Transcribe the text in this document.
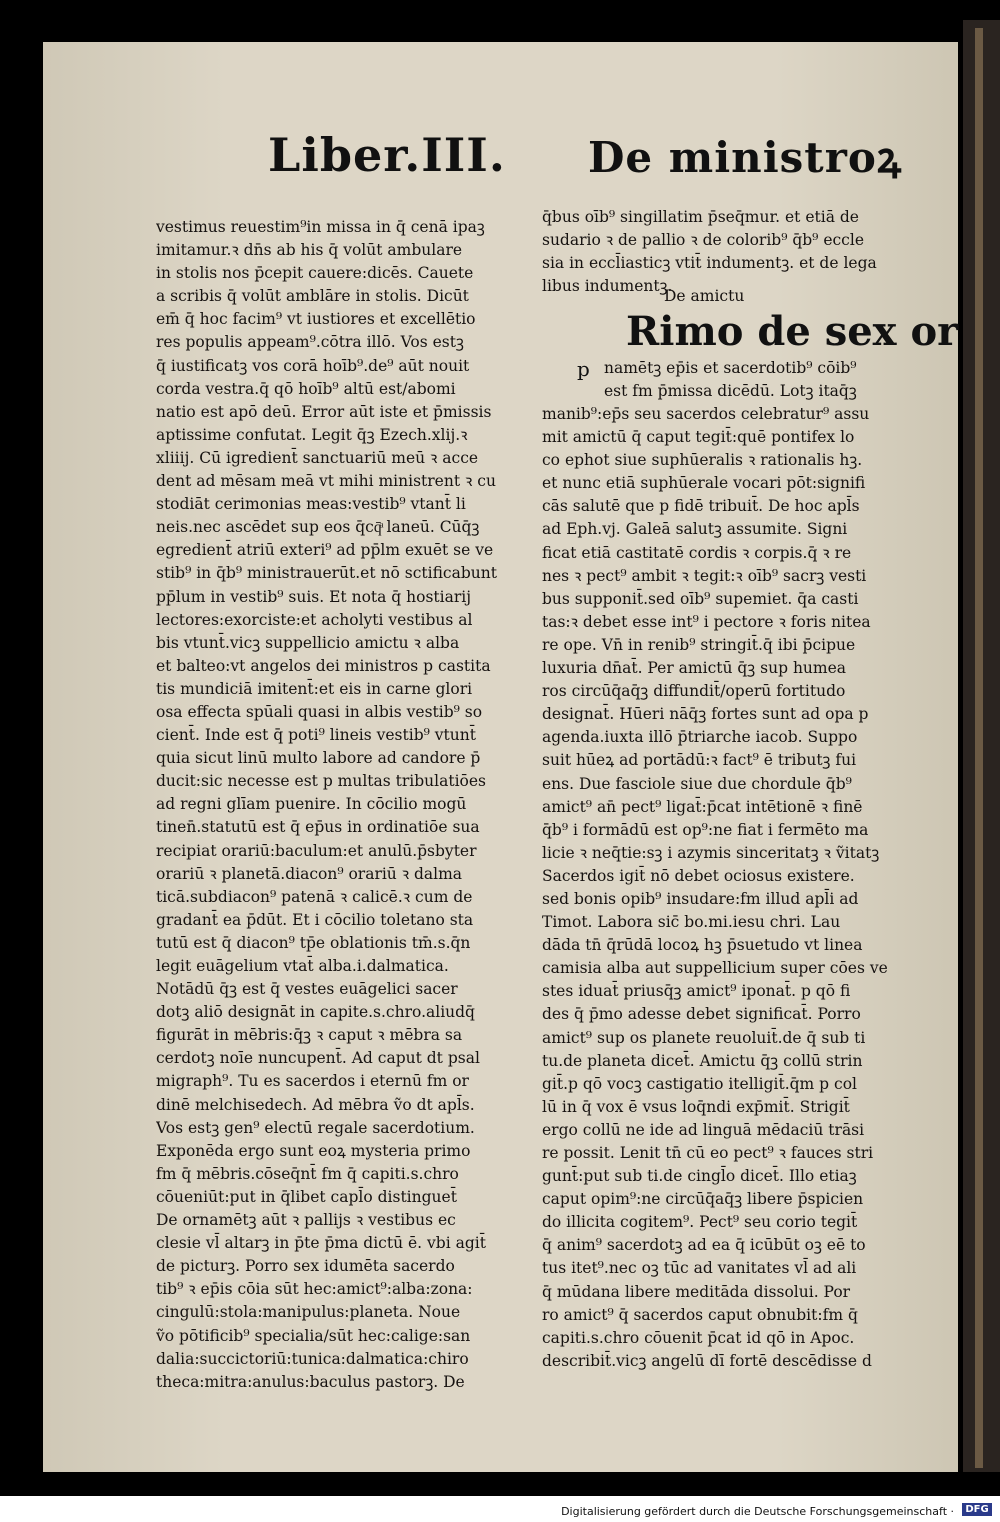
Liber.III. De ministroꝝ
vestimus reuestim⁹in missa in q̄ cenā ipaꝫ
imitamur.ꝛ dn̄s ab his q̄ volūt ambulare
in stolis nos p̄cepit cauere:dicēs. Cauete
a scribis q̄ volūt amblāre in stolis. Dicūt
em̄ q̄ hoc facim⁹ vt iustiores et excellētio
res populis appeam⁹.cōtra illō. Vos estꝫ
q̄ iustificatꝫ vos corā hoīb⁹.de⁹ aūt nouit
corda vestra.q̄ qō hoīb⁹ altū est/abomi
natio est apō deū. Error aūt iste et p̄missis
aptissime confutat. Legit q̄ꝫ Ezech.xlij.ꝛ
xliiij. Cū igredient̄ sanctuariū meū ꝛ acce
dent ad mēsam meā vt mihi ministrent ꝛ cu
stodiāt cerimonias meas:vestib⁹ vtant̄ li
neis.nec ascēdet sup eos q̄cq̄ͣ laneū. Cūq̄ꝫ
egredient̄ atriū exteri⁹ ad pp̄lm exuēt se ve
stib⁹ in q̄b⁹ ministrauerūt.et nō sctificabunt
pp̄lum in vestib⁹ suis. Et nota q̄ hostiarij
lectores:exorciste:et acholyti vestibus al
bis vtunt̄.vicꝫ suppellicio amictu ꝛ alba
et balteo:vt angelos dei ministros p castita
tis mundiciā imitent̄:et eis in carne glori
osa effecta spūali quasi in albis vestib⁹ so
cient̄. Inde est q̄ poti⁹ lineis vestib⁹ vtunt̄
quia sicut linū multo labore ad candore p̄
ducit:sic necesse est p multas tribulatiōes
ad regni glīam puenire. In cōcilio mogū
tinen̄.statutū est q̄ ep̄us in ordinatiōe sua
recipiat orariū:baculum:et anulū.p̄sbyter
orariū ꝛ planetā.diacon⁹ orariū ꝛ dalma
ticā.subdiacon⁹ patenā ꝛ calicē.ꝛ cum de
gradant̄ ea p̄dūt. Et i cōcilio toletano sta
tutū est q̄ diacon⁹ tp̄e oblationis tm̄.s.q̄n
legit euāgelium vtat̄ alba.i.dalmatica.
Notādū q̄ꝫ est q̄ vestes euāgelici sacer
dotꝫ aliō designāt in capite.s.chro.aliudq̄
figurāt in mēbris:q̄ꝫ ꝛ caput ꝛ mēbra sa
cerdotꝫ noīe nuncupent̄. Ad caput dt psal
migraph⁹. Tu es sacerdos i eternū fm or
dinē melchisedech. Ad mēbra ṽo dt apl̄s.
Vos estꝫ gen⁹ electū regale sacerdotium.
Exponēda ergo sunt eoꝝ mysteria primo
fm q̄ mēbris.cōseq̄nt̄ fm q̄ capiti.s.chro
cōueniūt:put in q̄libet capl̄o distinguet̄
De ornamētꝫ aūt ꝛ pallijs ꝛ vestibus ec
clesie vl̄ altarꝫ in p̄te p̄ma dictū ē. vbi agit̄
de picturꝫ. Porro sex idumēta sacerdo
tib⁹ ꝛ ep̄is cōia sūt hec:amict⁹:alba:zona:
cingulū:stola:manipulus:planeta. Noue
ṽo pōtificib⁹ specialia/sūt hec:calige:san
dalia:succictoriū:tunica:dalmatica:chiro
theca:mitra:anulus:baculus pastorꝫ. De
q̄bus oīb⁹ singillatim p̄seq̄mur. et etiā de
sudario ꝛ de pallio ꝛ de colorib⁹ q̄b⁹ eccle
sia in eccl̄iasticꝫ vtit̄ indumentꝫ. et de lega
libus indumentꝫ.
De amictu
Rimo de sex or
p namētꝫ ep̄is et sacerdotib⁹ cōib⁹
est fm p̄missa dicēdū. Lotꝫ itaq̄ꝫ
manib⁹:ep̄s seu sacerdos celebratur⁹ assu
mit amictū q̄ caput tegit̄:quē pontifex lo
co ephot siue suphūeralis ꝛ rationalis hꝫ.
et nunc etiā suphūerale vocari pōt:signifi
cās salutē que p fidē tribuit̄. De hoc apl̄s
ad Eph.vj. Galeā salutꝫ assumite. Signi
ficat etiā castitatē cordis ꝛ corpis.q̄ ꝛ re
nes ꝛ pect⁹ ambit ꝛ tegit:ꝛ oīb⁹ sacrꝫ vesti
bus supponit̄.sed oīb⁹ supemiet. q̄a casti
tas:ꝛ debet esse int⁹ i pectore ꝛ foris nitea
re ope. Vn̄ in renib⁹ stringit̄.q̄ ibi p̄cipue
luxuria dn̄at̄. Per amictū q̄ꝫ sup humea
ros circūq̄aq̄ꝫ diffundit̄/operū fortitudo
designat̄. Hūeri nāq̄ꝫ fortes sunt ad opa p
agenda.iuxta illō p̄triarche iacob. Suppo
suit hūeꝝ ad portādū:ꝛ fact⁹ ē tributꝫ fui
ens. Due fasciole siue due chordule q̄b⁹
amict⁹ an̄ pect⁹ ligat̄:p̄cat intētionē ꝛ finē
q̄b⁹ i formādū est op⁹:ne fiat i fermēto ma
licie ꝛ neq̄tie:sꝫ i azymis sinceritatꝫ ꝛ ṽitatꝫ
Sacerdos igit̄ nō debet ociosus existere.
sed bonis opib⁹ insudare:fm illud apl̄i ad
Timot. Labora sic̄ bo.mi.iesu chri. Lau
dāda tn̄ q̄rūdā locoꝝ hꝫ p̄suetudo vt linea
camisia alba aut suppellicium super cōes ve
stes iduat̄ priusq̄ꝫ amict⁹ iponat̄. p qō fi
des q̄ p̄mo adesse debet significat̄. Porro
amict⁹ sup os planete reuoluit̄.de q̄ sub ti
tu.de planeta dicet̄. Amictu q̄ꝫ collū strin
git̄.p qō vocꝫ castigatio itelligit̄.q̄m p col
lū in q̄ vox ē vsus loq̄ndi exp̄mit̄. Strigit̄
ergo collū ne ide ad linguā mēdaciū trāsi
re possit. Lenit tn̄ cū eo pect⁹ ꝛ fauces stri
gunt̄:put sub ti.de cingl̄o dicet̄. Illo etiaꝫ
caput opim⁹:ne circūq̄aq̄ꝫ libere p̄spicien
do illicita cogitem⁹. Pect⁹ seu corio tegit̄
q̄ anim⁹ sacerdotꝫ ad ea q̄ icūbūt oꝫ eē to
tus itet⁹.nec oꝫ tūc ad vanitates vl̄ ad ali
q̄ mūdana libere meditāda dissolui. Por
ro amict⁹ q̄ sacerdos caput obnubit:fm q̄
capiti.s.chro cōuenit p̄cat id qō in Apoc.
describit̄.vicꝫ angelū dī fortē descēdisse d
Digitalisierung gefördert durch die Deutsche Forschungsgemeinschaft ·	DFG
